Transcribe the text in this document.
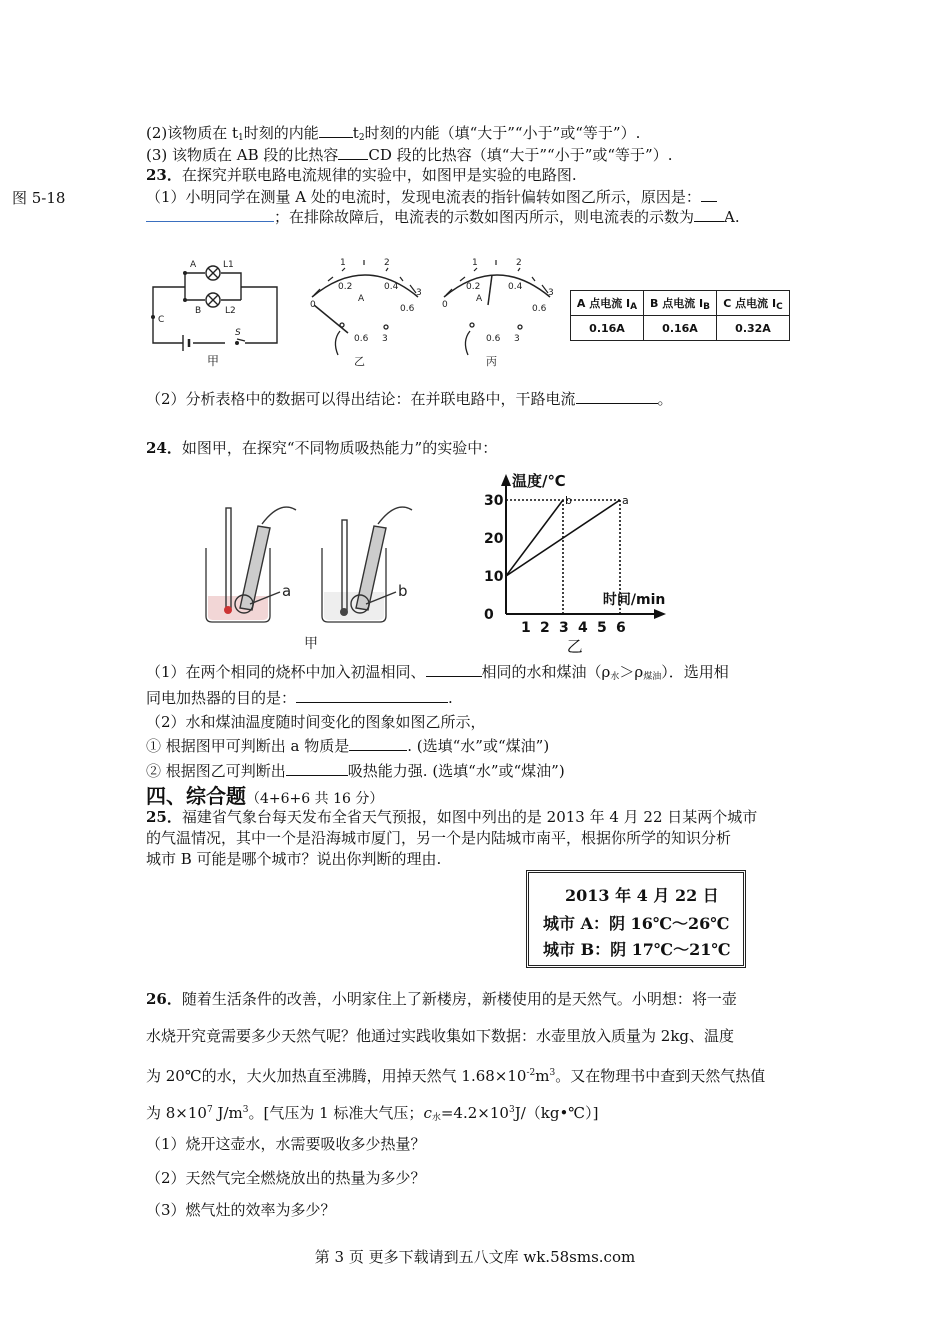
(2)该物质在 $t_1$时刻的内能 $t_2$时刻的内能（填“大于”“小于”或“等于”）.
(3) 该物质在 AB 段的比热容 CD 段的比热容（填“大于”“小于”或“等于”）.
图 5-18
23．在探究并联电路电流规律的实验中，如图甲是实验的电路图.
（1）小明同学在测量 A 处的电流时，发现电流表的指针偏转如图乙所示，原因是：
；在排除故障后，电流表的示数如图丙所示，则电流表的示数为 A.
A	L1
B	L2
C
S
甲
0
1	2
3
0.2	0.4
0.6
A
0.6 3
乙
0
1	2
3
0.2	0.4
0.6
A
0.6 3
丙
A 点电流 $I_A$	B 点电流 $I_B$	C 点电流 $I_C$
0.16A	0.16A	0.32A
（2）分析表格中的数据可以得出结论：在并联电路中，干路电流	。
24．如图甲，在探究“不同物质吸热能力”的实验中：
a	b
甲
温度/℃
时间/min
0
10
20
30
1 2 3 4 5 6
b	a
乙
（1）在两个相同的烧杯中加入初温相同、	相同的水和煤油$(\rho_水>\rho_{煤油})$．选用相
同电加热器的目的是：	.
（2）水和煤油温度随时间变化的图象如图乙所示，
① 根据图甲可判断出 a 物质是	. (选填“水”或“煤油”)
② 根据图乙可判断出	吸热能力强. (选填“水”或“煤油”)
四、综合题（4+6+6 共 16 分）
25．福建省气象台每天发布全省天气预报，如图中列出的是 2013 年 4 月 22 日某两个城市
的气温情况，其中一个是沿海城市厦门，另一个是内陆城市南平，根据你所学的知识分析
城市 B 可能是哪个城市？说出你判断的理由.
2013 年 4 月 22 日
城市 A：阴 16℃～26℃
城市 B：阴 17℃～21℃
26．随着生活条件的改善，小明家住上了新楼房，新楼使用的是天然气。小明想：将一壶
水烧开究竟需要多少天然气呢？他通过实践收集如下数据：水壶里放入质量为 2kg、温度
为 20℃的水，大火加热直至沸腾，用掉天然气 $1.68\times 10^{-2}m^3$。又在物理书中查到天然气热值
为 $8\times 10^7$ $J/m^3$。[气压为 1 标准大气压；$c_水=4.2\times 10^3J/(kg•℃)$]
（1）烧开这壶水，水需要吸收多少热量？
（2）天然气完全燃烧放出的热量为多少？
（3）燃气灶的效率为多少？
第 3 页 更多下载请到五八文库 wk.58sms.com
